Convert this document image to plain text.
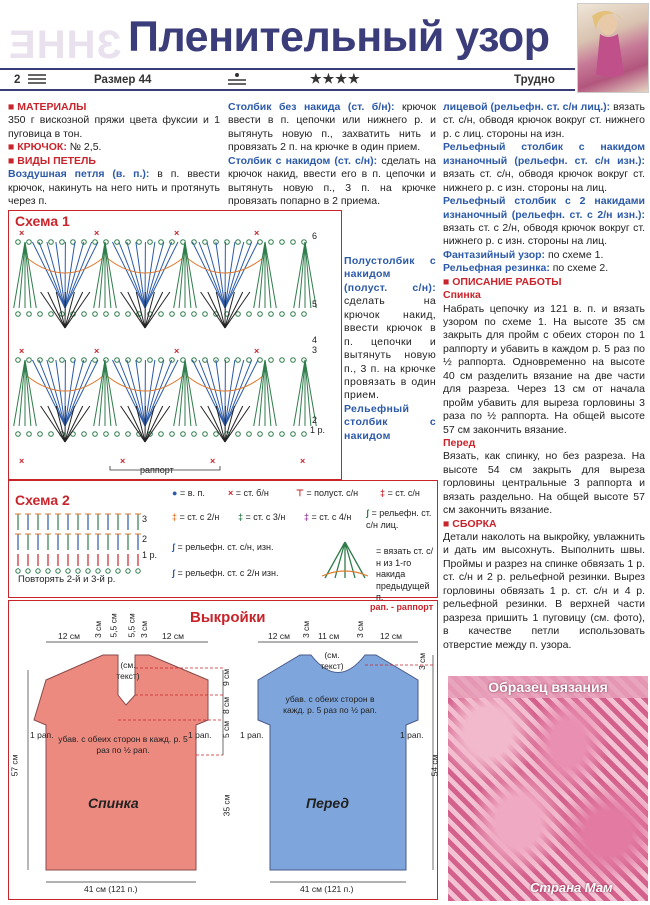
ЗННЕ Пленительный узор
2	Размер 44	★★★★	Трудно

■ МАТЕРИАЛЫ

350 г вискозной пряжи цвета фуксии и 1 пуговица в тон.

■ КРЮЧОК: № 2,5.

■ ВИДЫ ПЕТЕЛЬ

Воздушная петля (в. п.): в п. ввести крючок, накинуть на него нить и протянуть через п.

Столбик без накида (ст. б/н): крючок ввести в п. цепочки или нижнего р. и вытянуть новую п., захватить нить и провязать 2 п. на крючке в один прием.

Столбик с накидом (ст. с/н): сделать на крючок накид, ввести его в п. цепочки и вытянуть новую п., 3 п. на крючке провязать попарно в 2 приема.

Полустолбик с накидом (полуст. с/н): сделать на крючок накид, ввести крючок в п. цепочки и вытянуть новую п., 3 п. на крючке провязать в один прием.

Рельефный столбик с накидом

лицевой (рельефн. ст. с/н лиц.): вязать ст. с/н, обводя крючок вокруг ст. нижнего р. с лиц. стороны на изн.

Рельефный столбик с накидом изнаночный (рельефн. ст. с/н изн.): вязать ст. с/н, обводя крючок вокруг ст. нижнего р. с изн. стороны на лиц.

Рельефный столбик с 2 накидами изнаночный (рельефн. ст. с 2/н изн.): вязать ст. с 2/н, обводя крючок вокруг ст. нижнего р. с изн. стороны на лиц.

Фантазийный узор: по схеме 1.

Рельефная резинка: по схеме 2.

■ ОПИСАНИЕ РАБОТЫ

Спинка

Набрать цепочку из 121 в. п. и вязать узором по схеме 1. На высоте 35 см закрыть для пройм с обеих сторон по 1 раппорту и убавить в каждом р. 5 раз по ½ раппорта. Одновременно на высоте 40 см разделить вязание на две части для разреза. Через 13 см от начала пройм убавить для выреза горловины 3 раза по ½ раппорта. На общей высоте 57 см закончить вязание.

Перед

Вязать, как спинку, но без разреза. На высоте 54 см закрыть для выреза горловины центральные 3 раппорта и вязать раздельно. На общей высоте 57 см закончить вязание.

■ СБОРКА

Детали наколоть на выкройку, увлажнить и дать им высохнуть. Выполнить швы. Проймы и разрез на спинке обвязать 1 р. ст. с/н и 2 р. рельефной резинки. Вырез горловины обвязать 1 р. ст. с/н и 4 р. рельефной резинки. В верхней части разреза пришить 1 пуговицу (см. фото), в качестве петли использовать отверстие между п. узора.

Схема 1
×	×	×	×
×	×	×	×
×	×	×	×
6
5
4
3
2
1 р.
раппорт
Схема 2
3
2
1 р.
Повторять 2-й и 3-й р.
● = в. п.	× = ст. б/н	⊤ = полуст. с/н ‡ = ст. с/н
‡ = ст. с 2/н ‡ = ст. с 3/н ‡ = ст. с 4/н ʃ = рельефн. ст. с/н лиц.
ʃ = рельефн. ст. с/н, изн.
ʃ = рельефн. ст. с 2/н изн.
= вязать ст. с/н из 1-го накида предыдущей п.
Выкройки
рап. - раппорт
12 см 3 см 5,5 см 5,5 см 3 см 12 см
(см. текст)	9 см
8 см
5 см
1 рап.	1 рап.
убав. с обеих сторон в кажд. р. 5 раз по ½ рап.
57 см
35 см
Спинка
41 см (121 п.)
12 см 3 см 11 см 3 см 12 см
(см. текст)	3 см
1 рап.	1 рап.
убав. с обеих сторон в кажд. р. 5 раз по ½ рап.
54 см
Перед
41 см (121 п.)
Образец вязания
Страна Мам
